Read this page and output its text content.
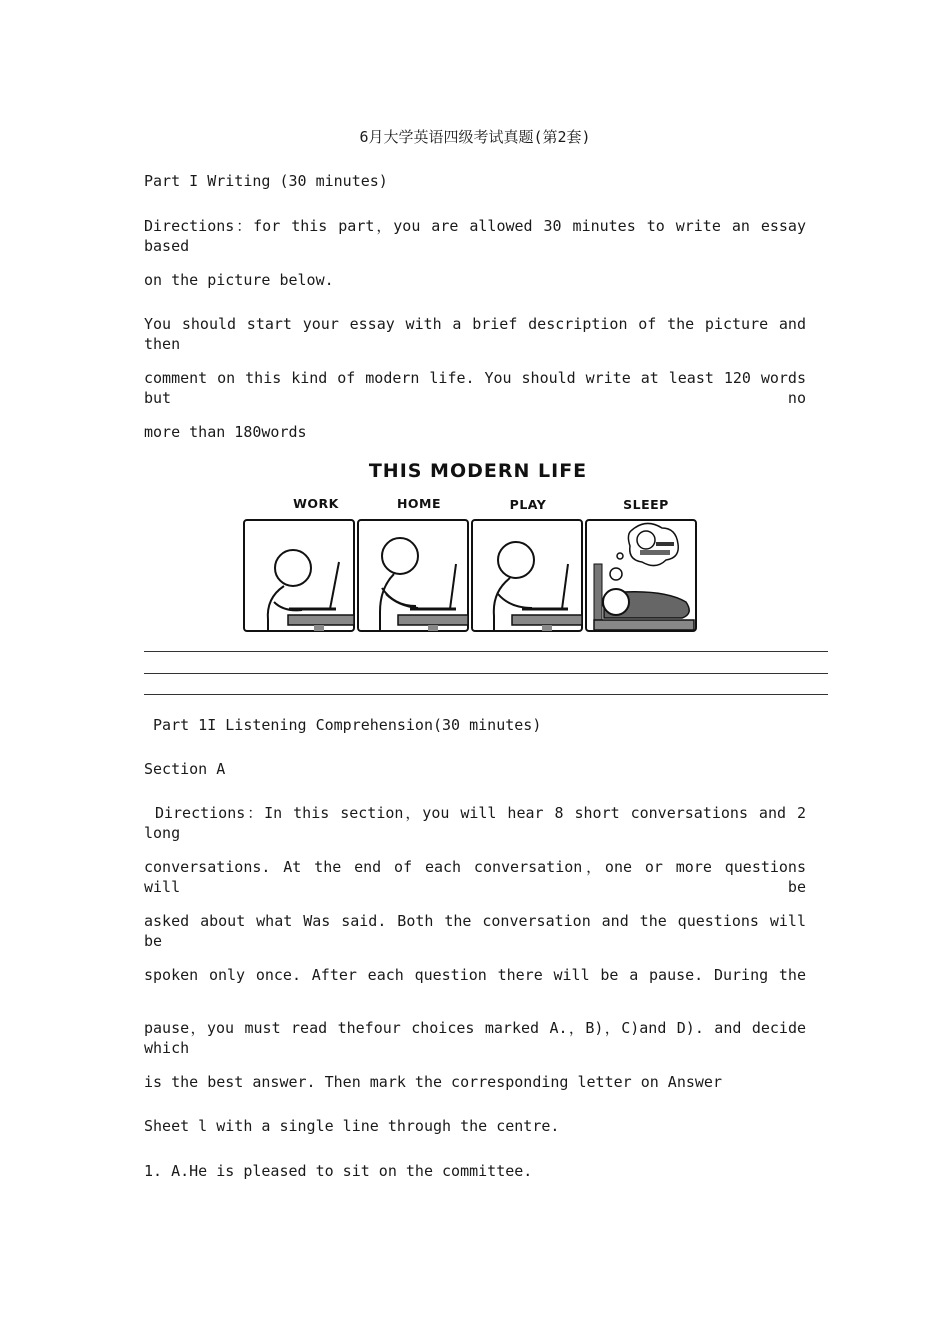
6月大学英语四级考试真题(第2套)
Part I Writing (30 minutes)
Directions：for this part，you are allowed 30 minutes to write an essay based
on the picture below.
You should start your essay with a brief description of the picture and then
comment on this kind of modern life. You should write at least 120 words but no
more than 180words
THIS MODERN LIFE
WORK	HOME	PLAY	SLEEP
Part 1I Listening Comprehension(30 minutes)
Section A
Directions：In this section，you will hear 8 short conversations and 2 long
conversations. At the end of each conversation，one or more questions will be
asked about what Was said. Both the conversation and the questions will be
spoken only once. After each question there will be a pause. During the
pause，you must read thefour choices marked A.，B)，C)and D). and decide which
is the best answer. Then mark the corresponding letter on Answer
Sheet l with a single line through the centre.
1. A.He is pleased to sit on the committee.
